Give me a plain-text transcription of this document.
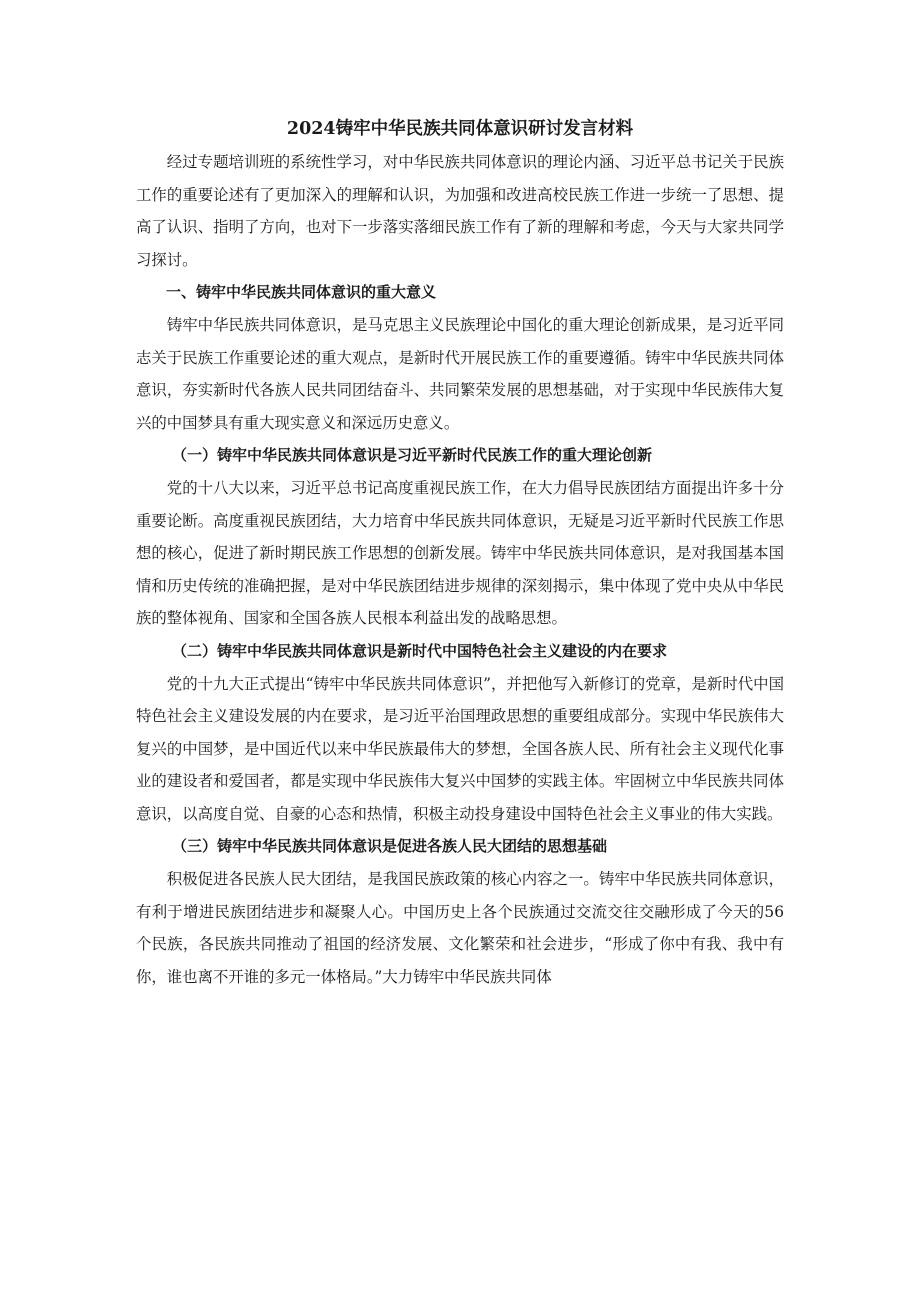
2024铸牢中华民族共同体意识研讨发言材料

经过专题培训班的系统性学习，对中华民族共同体意识的理论内涵、习近平总书记关于民族工作的重要论述有了更加深入的理解和认识，为加强和改进高校民族工作进一步统一了思想、提高了认识、指明了方向，也对下一步落实落细民族工作有了新的理解和考虑，今天与大家共同学习探讨。

一、铸牢中华民族共同体意识的重大意义

铸牢中华民族共同体意识，是马克思主义民族理论中国化的重大理论创新成果，是习近平同志关于民族工作重要论述的重大观点，是新时代开展民族工作的重要遵循。铸牢中华民族共同体意识，夯实新时代各族人民共同团结奋斗、共同繁荣发展的思想基础，对于实现中华民族伟大复兴的中国梦具有重大现实意义和深远历史意义。

（一）铸牢中华民族共同体意识是习近平新时代民族工作的重大理论创新

党的十八大以来，习近平总书记高度重视民族工作，在大力倡导民族团结方面提出许多十分重要论断。高度重视民族团结，大力培育中华民族共同体意识，无疑是习近平新时代民族工作思想的核心，促进了新时期民族工作思想的创新发展。铸牢中华民族共同体意识，是对我国基本国情和历史传统的准确把握，是对中华民族团结进步规律的深刻揭示，集中体现了党中央从中华民族的整体视角、国家和全国各族人民根本利益出发的战略思想。

（二）铸牢中华民族共同体意识是新时代中国特色社会主义建设的内在要求

党的十九大正式提出“铸牢中华民族共同体意识”，并把他写入新修订的党章，是新时代中国特色社会主义建设发展的内在要求，是习近平治国理政思想的重要组成部分。实现中华民族伟大复兴的中国梦，是中国近代以来中华民族最伟大的梦想，全国各族人民、所有社会主义现代化事业的建设者和爱国者，都是实现中华民族伟大复兴中国梦的实践主体。牢固树立中华民族共同体意识，以高度自觉、自豪的心态和热情，积极主动投身建设中国特色社会主义事业的伟大实践。

（三）铸牢中华民族共同体意识是促进各族人民大团结的思想基础

积极促进各民族人民大团结，是我国民族政策的核心内容之一。铸牢中华民族共同体意识，有利于增进民族团结进步和凝聚人心。中国历史上各个民族通过交流交往交融形成了今天的56个民族，各民族共同推动了祖国的经济发展、文化繁荣和社会进步，“形成了你中有我、我中有你，谁也离不开谁的多元一体格局。”大力铸牢中华民族共同体
